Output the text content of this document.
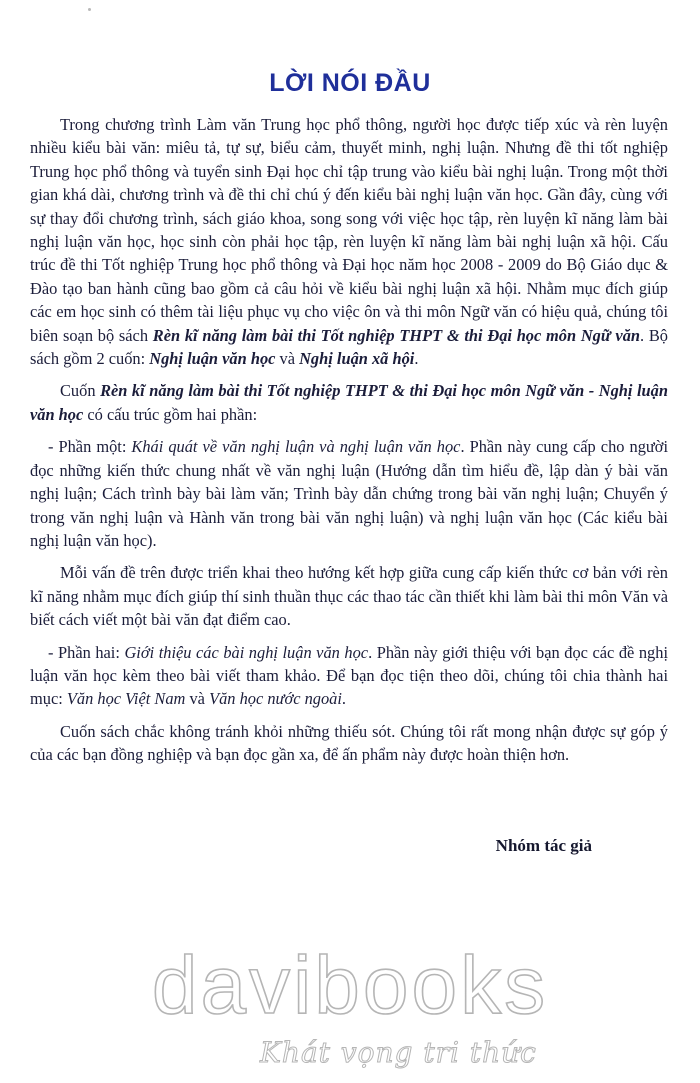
LỜI NÓI ĐẦU

Trong chương trình Làm văn Trung học phổ thông, người học được tiếp xúc và rèn luyện nhiều kiểu bài văn: miêu tả, tự sự, biểu cảm, thuyết minh, nghị luận. Nhưng đề thi tốt nghiệp Trung học phổ thông và tuyển sinh Đại học chỉ tập trung vào kiểu bài nghị luận. Trong một thời gian khá dài, chương trình và đề thi chỉ chú ý đến kiểu bài nghị luận văn học. Gần đây, cùng với sự thay đổi chương trình, sách giáo khoa, song song với việc học tập, rèn luyện kĩ năng làm bài nghị luận văn học, học sinh còn phải học tập, rèn luyện kĩ năng làm bài nghị luận xã hội. Cấu trúc đề thi Tốt nghiệp Trung học phổ thông và Đại học năm học 2008 - 2009 do Bộ Giáo dục & Đào tạo ban hành cũng bao gồm cả câu hỏi về kiểu bài nghị luận xã hội. Nhằm mục đích giúp các em học sinh có thêm tài liệu phục vụ cho việc ôn và thi môn Ngữ văn có hiệu quả, chúng tôi biên soạn bộ sách Rèn kĩ năng làm bài thi Tốt nghiệp THPT & thi Đại học môn Ngữ văn. Bộ sách gồm 2 cuốn: Nghị luận văn học và Nghị luận xã hội.

Cuốn Rèn kĩ năng làm bài thi Tốt nghiệp THPT & thi Đại học môn Ngữ văn - Nghị luận văn học có cấu trúc gồm hai phần:

- Phần một: Khái quát về văn nghị luận và nghị luận văn học. Phần này cung cấp cho người đọc những kiến thức chung nhất về văn nghị luận (Hướng dẫn tìm hiểu đề, lập dàn ý bài văn nghị luận; Cách trình bày bài làm văn; Trình bày dẫn chứng trong bài văn nghị luận; Chuyển ý trong văn nghị luận và Hành văn trong bài văn nghị luận) và nghị luận văn học (Các kiểu bài nghị luận văn học).

Mỗi vấn đề trên được triển khai theo hướng kết hợp giữa cung cấp kiến thức cơ bản với rèn kĩ năng nhằm mục đích giúp thí sinh thuần thục các thao tác cần thiết khi làm bài thi môn Văn và biết cách viết một bài văn đạt điểm cao.

- Phần hai: Giới thiệu các bài nghị luận văn học. Phần này giới thiệu với bạn đọc các đề nghị luận văn học kèm theo bài viết tham khảo. Để bạn đọc tiện theo dõi, chúng tôi chia thành hai mục: Văn học Việt Nam và Văn học nước ngoài.

Cuốn sách chắc không tránh khỏi những thiếu sót. Chúng tôi rất mong nhận được sự góp ý của các bạn đồng nghiệp và bạn đọc gần xa, để ấn phẩm này được hoàn thiện hơn.

Nhóm tác giả
davibooks
Khát vọng tri thức
